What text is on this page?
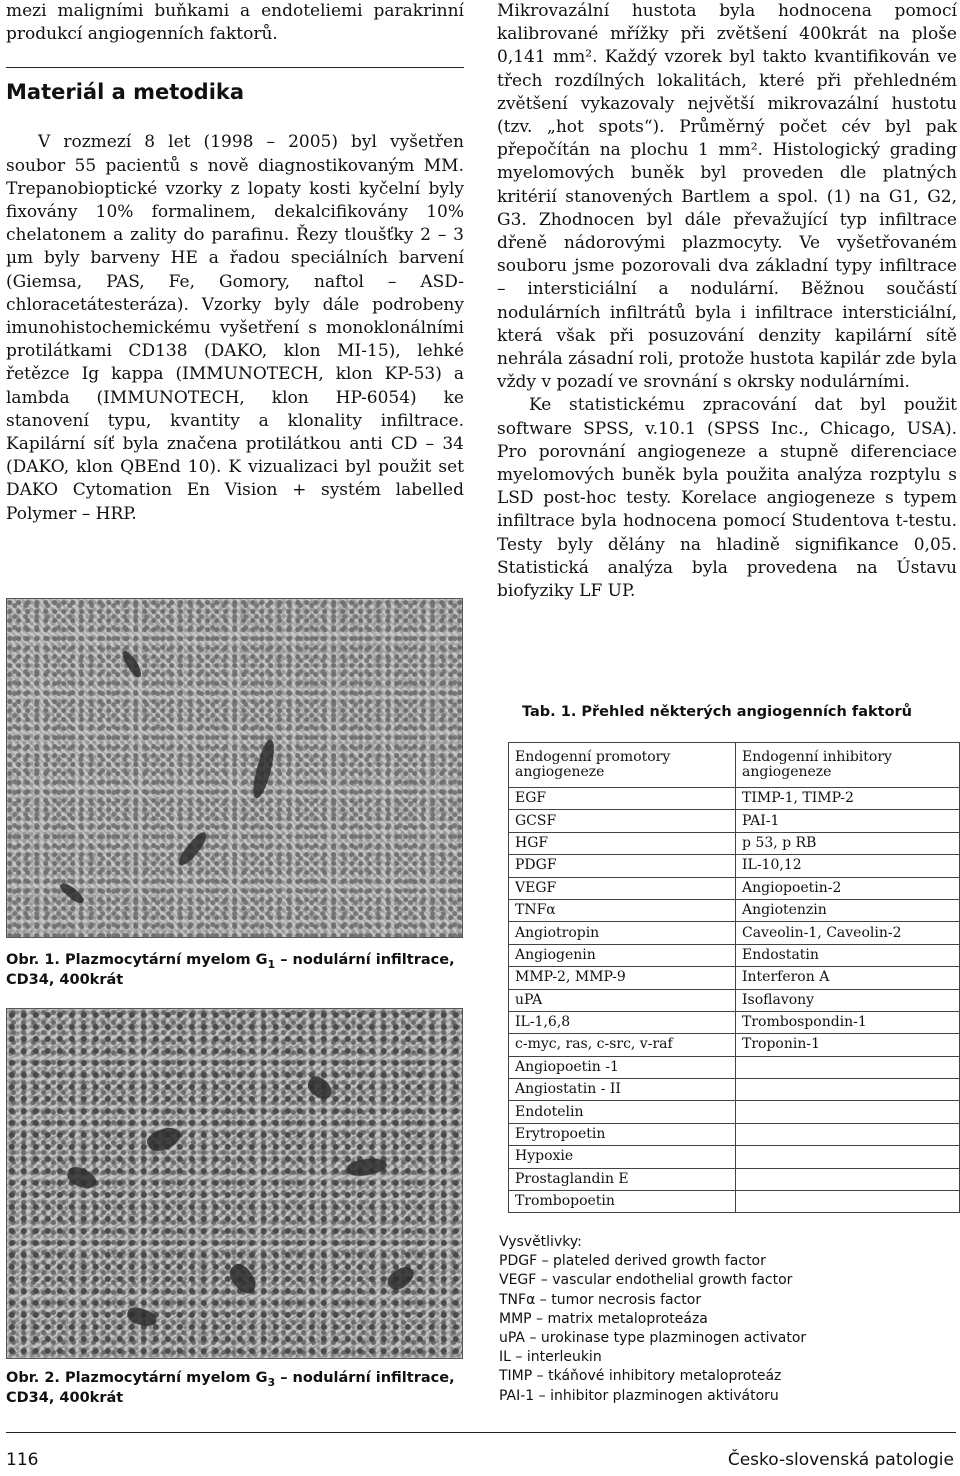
mezi maligními buňkami a endoteliemi parakrinní produkcí angiogenních faktorů.

Materiál a metodika

V rozmezí 8 let (1998 – 2005) byl vyšetřen soubor 55 pacientů s nově diagnostikovaným MM. Trepanobioptické vzorky z lopaty kosti kyčelní byly fixovány 10% formalinem, dekalcifikovány 10% chelatonem a zality do parafinu. Řezy tloušťky 2 – 3 µm byly barveny HE a řadou speciálních barvení (Giemsa, PAS, Fe, Gomory, naftol – ASD-chloracetátesteráza). Vzorky byly dále podrobeny imunohistochemickému vyšetření s monoklonálními protilátkami CD138 (DAKO, klon MI-15), lehké řetězce Ig kappa (IMMUNOTECH, klon KP-53) a lambda (IMMUNOTECH, klon HP-6054) ke stanovení typu, kvantity a klonality infiltrace. Kapilární síť byla značena protilátkou anti CD – 34 (DAKO, klon QBEnd 10). K vizualizaci byl použit set DAKO Cytomation En Vision + systém labelled Polymer – HRP.

Obr. 1. Plazmocytární myelom $G_1$ – nodulární infiltrace, CD34, 400krát

Obr. 2. Plazmocytární myelom $G_3$ – nodulární infiltrace, CD34, 400krát

Mikrovazální hustota byla hodnocena pomocí kalibrované mřížky při zvětšení 400krát na ploše 0,141 mm². Každý vzorek byl takto kvantifikován ve třech rozdílných lokalitách, které při přehledném zvětšení vykazovaly největší mikrovazální hustotu (tzv. „hot spots“). Průměrný počet cév byl pak přepočítán na plochu 1 mm². Histologický grading myelomových buněk byl proveden dle platných kritérií stanovených Bartlem a spol. (1) na G1, G2, G3. Zhodnocen byl dále převažující typ infiltrace dřeně nádorovými plazmocyty. Ve vyšetřovaném souboru jsme pozorovali dva základní typy infiltrace – intersticiální a nodulární. Běžnou součástí nodulárních infiltrátů byla i infiltrace intersticiální, která však při posuzování denzity kapilární sítě nehrála zásadní roli, protože hustota kapilár zde byla vždy v pozadí ve srovnání s okrsky nodulárními.

Ke statistickému zpracování dat byl použit software SPSS, v.10.1 (SPSS Inc., Chicago, USA). Pro porovnání angiogeneze a stupně diferenciace myelomových buněk byla použita analýza rozptylu s LSD post-hoc testy. Korelace angiogeneze s typem infiltrace byla hodnocena pomocí Studentova t-testu. Testy byly dělány na hladině signifikance 0,05. Statistická analýza byla provedena na Ústavu biofyziky LF UP.

Tab. 1. Přehled některých angiogenních faktorů
Endogenní promotory angiogeneze	Endogenní inhibitory angiogeneze
EGF	TIMP-1, TIMP-2
GCSF	PAI-1
HGF	p 53, p RB
PDGF	IL-10,12
VEGF	Angiopoetin-2
TNFα	Angiotenzin
Angiotropin	Caveolin-1, Caveolin-2
Angiogenin	Endostatin
MMP-2, MMP-9	Interferon A
uPA	Isoflavony
IL-1,6,8	Trombospondin-1
c-myc, ras, c-src, v-raf	Troponin-1
Angiopoetin -1	
Angiostatin - II	
Endotelin	
Erytropoetin	
Hypoxie	
Prostaglandin E	
Trombopoetin	
Vysvětlivky:
PDGF – plateled derived growth factor
VEGF – vascular endothelial growth factor
TNFα – tumor necrosis factor
MMP – matrix metaloproteáza
uPA – urokinase type plazminogen activator
IL – interleukin
TIMP – tkáňové inhibitory metaloproteáz
PAI-1 – inhibitor plazminogen aktivátoru
116	Česko-slovenská patologie
